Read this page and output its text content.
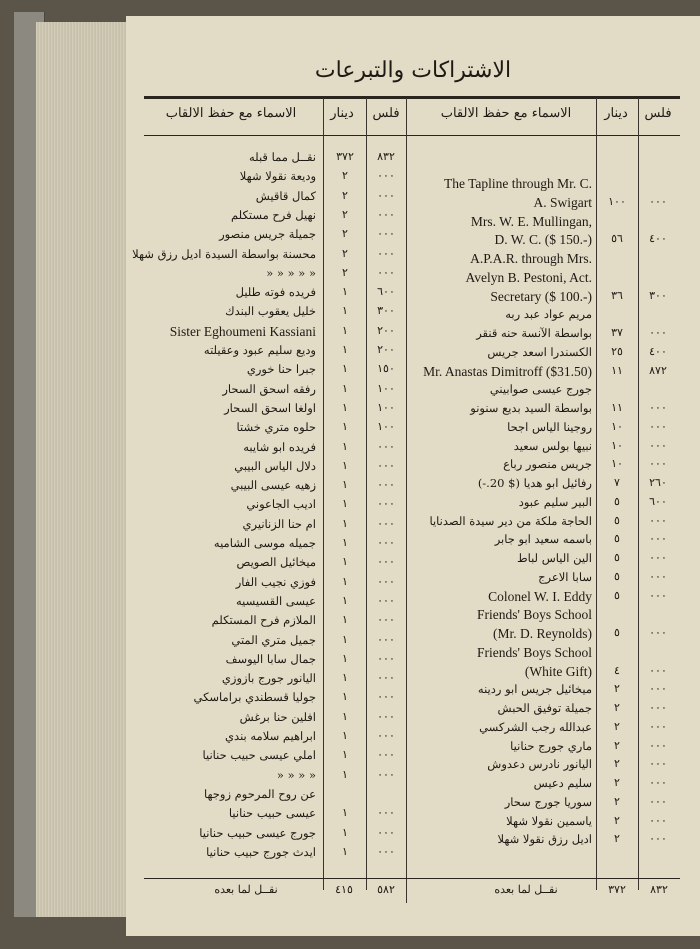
الاشتراكات والتبرعات
الاسماء مع حفظ الالقاب	دينار	فلس	الاسماء مع حفظ الالقاب	دينار	فلس
نقــل مما قبله	٣٧٢	٨٣٢
وديعة نقولا شهلا	٢	٠٠٠
كمال قاقيش	٢	٠٠٠
نهيل فرح مستكلم	٢	٠٠٠
جميلة جريس منصور	٢	٠٠٠
محسنة بواسطة السيدة اديل رزق شهلا	٢	٠٠٠
« « « « «	٢	٠٠٠
فريده فوته طليل	١	٦٠٠
خليل يعقوب البندك	١	٣٠٠
Sister Eghoumeni Kassiani	١	٢٠٠
وديع سليم عبود وعقيلته	١	٢٠٠
جبرا حنا خوري	١	١٥٠
رفقه اسحق السحار	١	١٠٠
اولغا اسحق السحار	١	١٠٠
حلوه متري خشتا	١	١٠٠
فريده ابو شايبه	١	٠٠٠
دلال الياس البيبي	١	٠٠٠
زهيه عيسى البيبي	١	٠٠٠
اديب الجاعوني	١	٠٠٠
ام حنا الزنانيري	١	٠٠٠
جميله موسى الشاميه	١	٠٠٠
ميخائيل الصويص	١	٠٠٠
فوزي نجيب الفار	١	٠٠٠
عيسى القسيسيه	١	٠٠٠
الملازم فرح المستكلم	١	٠٠٠
جميل متري المتي	١	٠٠٠
جمال سابا اليوسف	١	٠٠٠
اليانور جورج بازوزي	١	٠٠٠
جوليا قسطندي براماسكي	١	٠٠٠
افلين حنا برغش	١	٠٠٠
ابراهيم سلامه بندي	١	٠٠٠
املي عيسى حبيب حنانيا	١	٠٠٠
« « « «	١	٠٠٠
عن روح المرحوم زوجها
عيسى حبيب حنانيا	١	٠٠٠
جورج عيسى حبيب حنانيا	١	٠٠٠
ايدث جورج حبيب حنانيا	١	٠٠٠
The Tapline through Mr. C.
A. Swigart	١٠٠	٠٠٠
Mrs. W. E. Mullingan,
D. W. C. ($ 150.-)	٥٦	٤٠٠
A.P.A.R. through Mrs.
Avelyn B. Pestoni, Act.
Secretary ($ 100.-)	٣٦	٣٠٠
مريم عواد عبد ربه
بواسطة الآنسة حنه قنقر	٣٧	٠٠٠
الكسندرا اسعد جريس	٢٥	٤٠٠
Mr. Anastas Dimitroff ($31.50)	١١	٨٧٢
جورج عيسى صوابيني
بواسطة السيد بديع سنونو	١١	٠٠٠
روجينا الياس اجحا	١٠	٠٠٠
نبيها بولس سعيد	١٠	٠٠٠
جريس منصور رباع	١٠	٠٠٠
رفائيل ابو هديا ($ 20.-)	٧	٢٦٠
البير سليم عبود	٥	٦٠٠
الحاجة ملكة من دير سيدة الصدنايا	٥	٠٠٠
باسمه سعيد ابو جابر	٥	٠٠٠
الين الياس لباط	٥	٠٠٠
سابا الاعرج	٥	٠٠٠
Colonel W. I. Eddy	٥	٠٠٠
Friends' Boys School
(Mr. D. Reynolds)	٥	٠٠٠
Friends' Boys School
(White Gift)	٤	٠٠٠
ميخائيل جريس ابو ردينه	٢	٠٠٠
جميلة توفيق الحبش	٢	٠٠٠
عبدالله رجب الشركسي	٢	٠٠٠
ماري جورج حنانيا	٢	٠٠٠
اليانور نادرس دعدوش	٢	٠٠٠
سليم دعيس	٢	٠٠٠
سوريا جورج سحار	٢	٠٠٠
ياسمين نقولا شهلا	٢	٠٠٠
اديل رزق نقولا شهلا	٢	٠٠٠
نقــل لما بعده	٤١٥	٥٨٢	نقــل لما بعده	٣٧٢	٨٣٢
